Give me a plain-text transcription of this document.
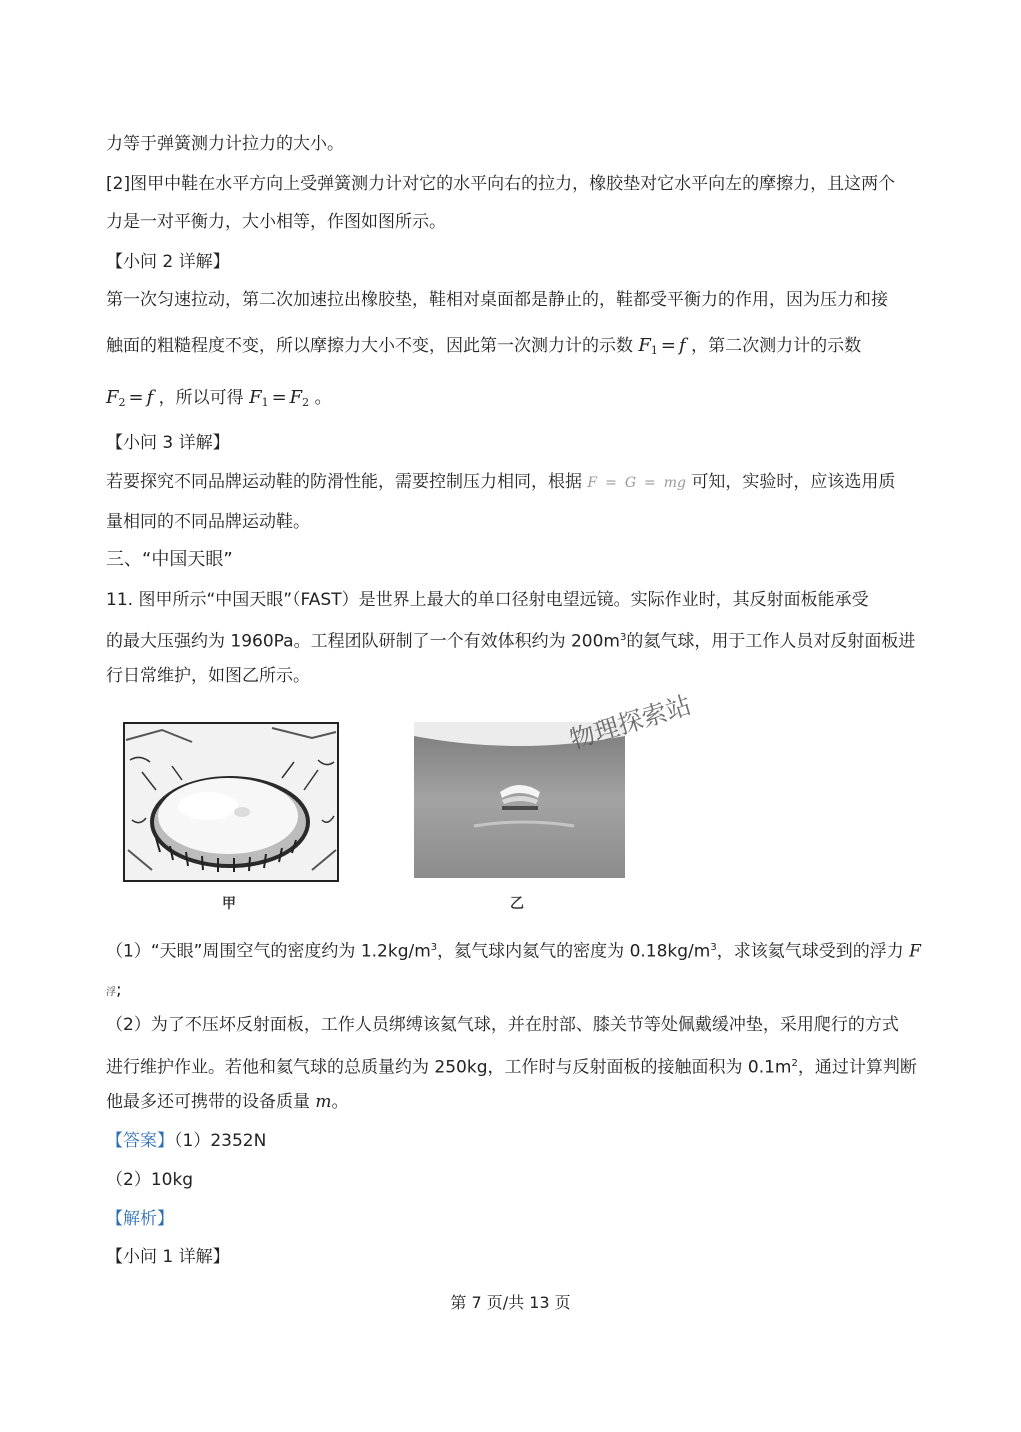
力等于弹簧测力计拉力的大小。
[2]图甲中鞋在水平方向上受弹簧测力计对它的水平向右的拉力，橡胶垫对它水平向左的摩擦力，且这两个
力是一对平衡力，大小相等，作图如图所示。
【小问 2 详解】
第一次匀速拉动，第二次加速拉出橡胶垫，鞋相对桌面都是静止的，鞋都受平衡力的作用，因为压力和接
触面的粗糙程度不变，所以摩擦力大小不变，因此第一次测力计的示数 $F_1 = f$ ，第二次测力计的示数
$F_2 = f$ ，所以可得 $F_1 = F_2$ 。
【小问 3 详解】
若要探究不同品牌运动鞋的防滑性能，需要控制压力相同，根据 F = G = mg 可知，实验时，应该选用质
量相同的不同品牌运动鞋。
三、“中国天眼”
11. 图甲所示“中国天眼”（FAST）是世界上最大的单口径射电望远镜。实际作业时，其反射面板能承受
的最大压强约为 1960Pa。工程团队研制了一个有效体积约为 $200m^3$的氦气球，用于工作人员对反射面板进
行日常维护，如图乙所示。
物理探索站
甲	乙
（1）“天眼”周围空气的密度约为 $1.2kg/m^3$，氦气球内氦气的密度为 $0.18kg/m^3$，求该氦气球受到的浮力 F
浮;
（2）为了不压坏反射面板，工作人员绑缚该氦气球，并在肘部、膝关节等处佩戴缓冲垫，采用爬行的方式
进行维护作业。若他和氦气球的总质量约为 250kg，工作时与反射面板的接触面积为 $0.1m^2$，通过计算判断
他最多还可携带的设备质量 m。
【答案】（1）2352N
（2）10kg
【解析】
【小问 1 详解】
第 7 页/共 13 页
